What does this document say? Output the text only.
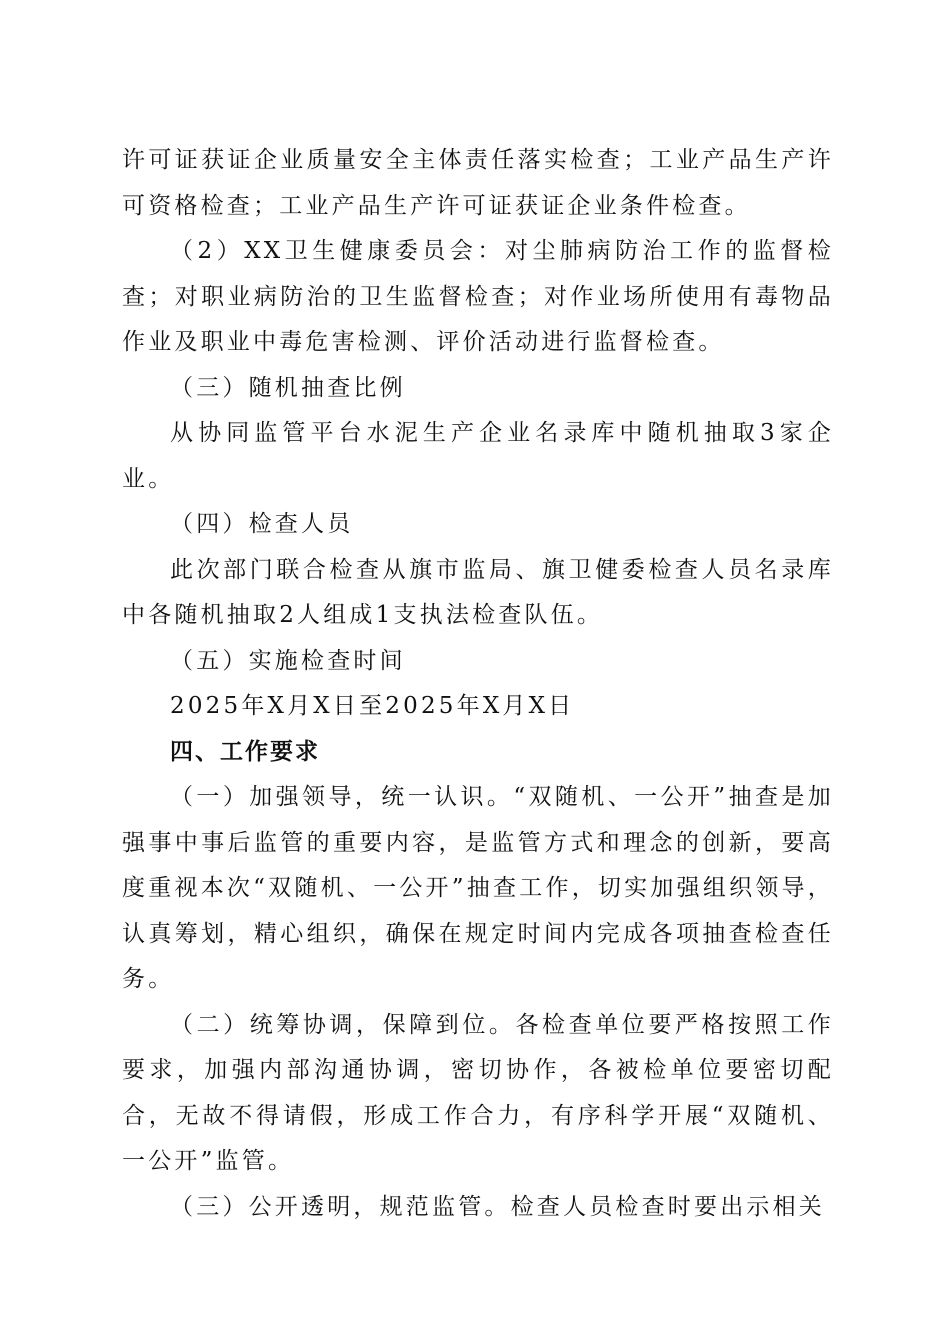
许可证获证企业质量安全主体责任落实检查；工业产品生产许可资格检查；工业产品生产许可证获证企业条件检查。

（2）XX卫生健康委员会：对尘肺病防治工作的监督检查；对职业病防治的卫生监督检查；对作业场所使用有毒物品作业及职业中毒危害检测、评价活动进行监督检查。

（三）随机抽查比例

从协同监管平台水泥生产企业名录库中随机抽取3家企业。

（四）检查人员

此次部门联合检查从旗市监局、旗卫健委检查人员名录库中各随机抽取2人组成1支执法检查队伍。

（五）实施检查时间

2025年X月X日至2025年X月X日

四、工作要求

（一）加强领导，统一认识。“双随机、一公开”抽查是加强事中事后监管的重要内容，是监管方式和理念的创新，要高度重视本次“双随机、一公开”抽查工作，切实加强组织领导，认真筹划，精心组织，确保在规定时间内完成各项抽查检查任务。

（二）统筹协调，保障到位。各检查单位要严格按照工作要求，加强内部沟通协调，密切协作，各被检单位要密切配合，无故不得请假，形成工作合力，有序科学开展“双随机、一公开”监管。

（三）公开透明，规范监管。检查人员检查时要出示相关
